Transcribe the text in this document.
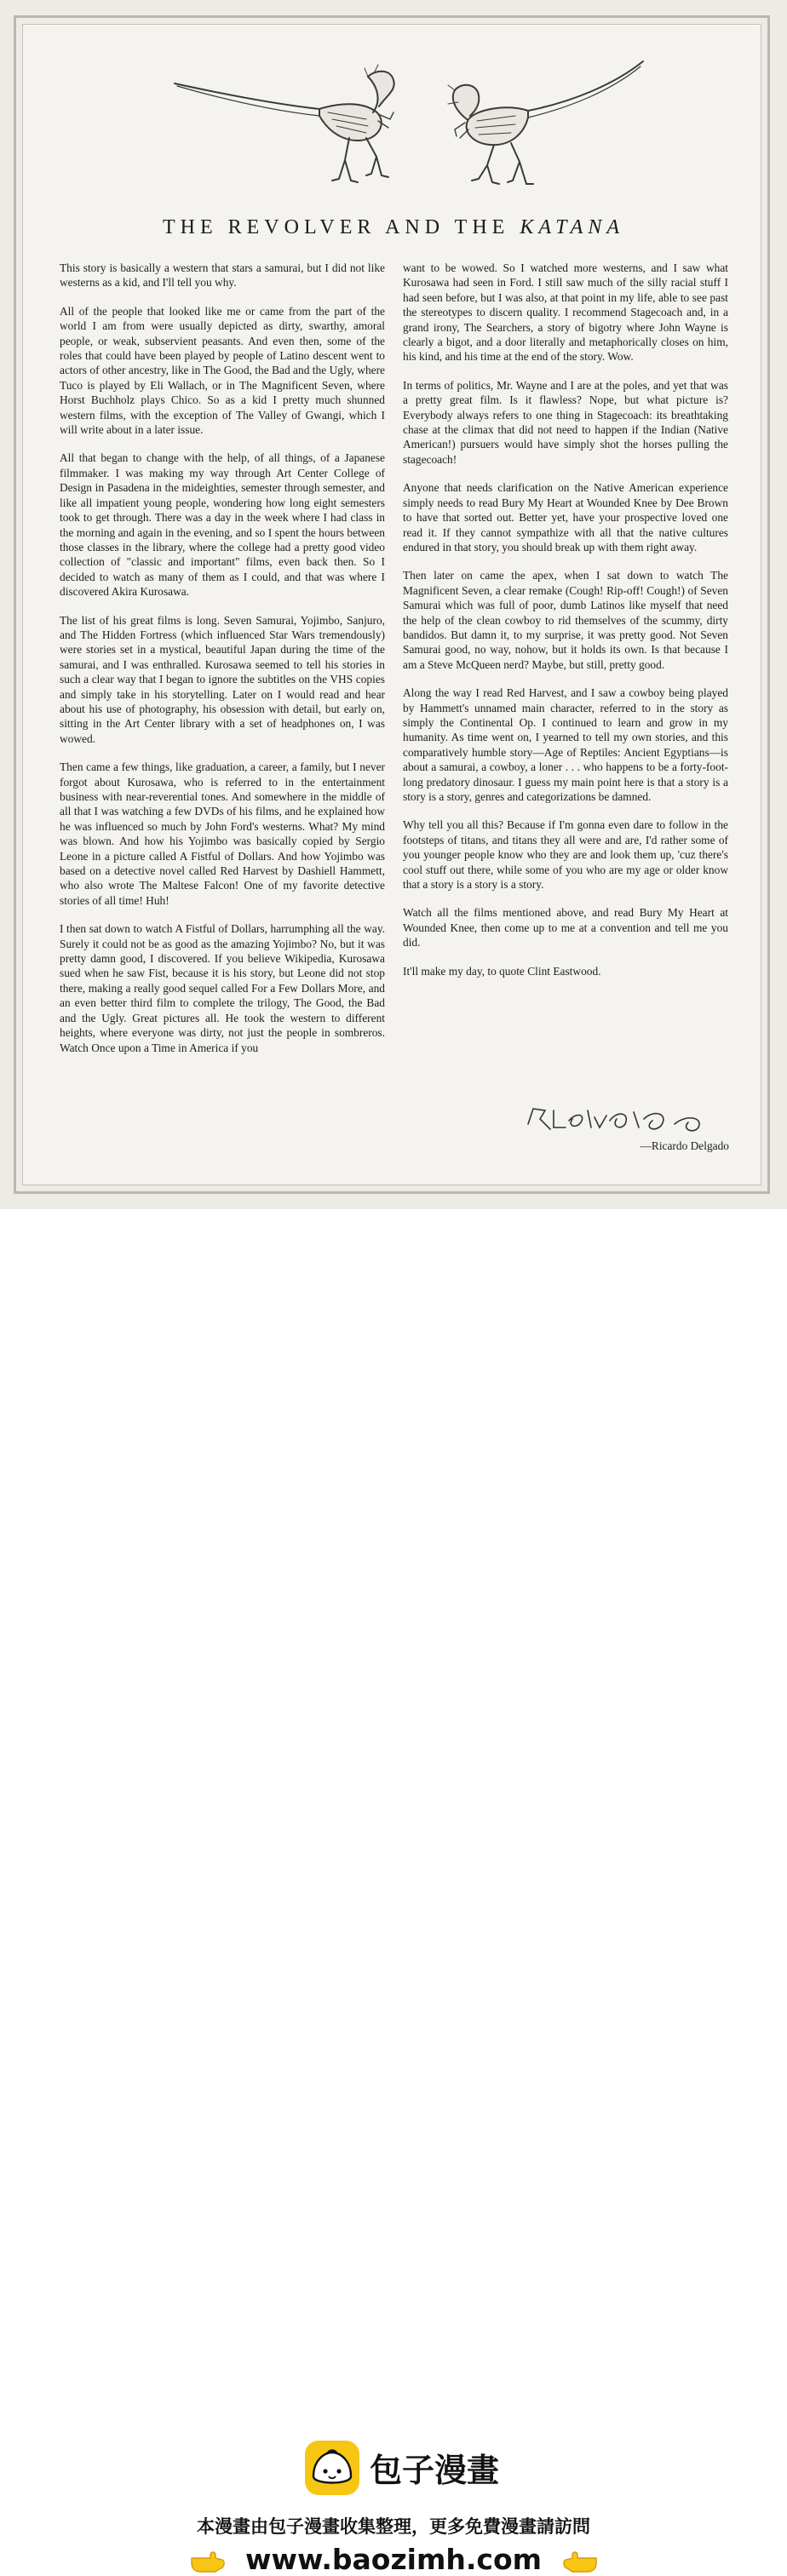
THE REVOLVER AND THE KATANA

This story is basically a western that stars a samurai, but I did not like westerns as a kid, and I'll tell you why.

All of the people that looked like me or came from the part of the world I am from were usually depicted as dirty, swarthy, amoral people, or weak, subservient peasants. And even then, some of the roles that could have been played by people of Latino descent went to actors of other ancestry, like in The Good, the Bad and the Ugly, where Tuco is played by Eli Wallach, or in The Magnificent Seven, where Horst Buchholz plays Chico. So as a kid I pretty much shunned western films, with the exception of The Valley of Gwangi, which I will write about in a later issue.

All that began to change with the help, of all things, of a Japanese filmmaker. I was making my way through Art Center College of Design in Pasadena in the mideighties, semester through semester, and like all impatient young people, wondering how long eight semesters took to get through. There was a day in the week where I had class in the morning and again in the evening, and so I spent the hours between those classes in the library, where the college had a pretty good video collection of "classic and important" films, even back then. So I decided to watch as many of them as I could, and that was where I discovered Akira Kurosawa.

The list of his great films is long. Seven Samurai, Yojimbo, Sanjuro, and The Hidden Fortress (which influenced Star Wars tremendously) were stories set in a mystical, beautiful Japan during the time of the samurai, and I was enthralled. Kurosawa seemed to tell his stories in such a clear way that I began to ignore the subtitles on the VHS copies and simply take in his storytelling. Later on I would read and hear about his use of photography, his obsession with detail, but early on, sitting in the Art Center library with a set of headphones on, I was wowed.

Then came a few things, like graduation, a career, a family, but I never forgot about Kurosawa, who is referred to in the entertainment business with near-reverential tones. And somewhere in the middle of all that I was watching a few DVDs of his films, and he explained how he was influenced so much by John Ford's westerns. What? My mind was blown. And how his Yojimbo was basically copied by Sergio Leone in a picture called A Fistful of Dollars. And how Yojimbo was based on a detective novel called Red Harvest by Dashiell Hammett, who also wrote The Maltese Falcon! One of my favorite detective stories of all time! Huh!

I then sat down to watch A Fistful of Dollars, harrumphing all the way. Surely it could not be as good as the amazing Yojimbo? No, but it was pretty damn good, I discovered. If you believe Wikipedia, Kurosawa sued when he saw Fist, because it is his story, but Leone did not stop there, making a really good sequel called For a Few Dollars More, and an even better third film to complete the trilogy, The Good, the Bad and the Ugly. Great pictures all. He took the western to different heights, where everyone was dirty, not just the people in sombreros. Watch Once upon a Time in America if you

want to be wowed. So I watched more westerns, and I saw what Kurosawa had seen in Ford. I still saw much of the silly racial stuff I had seen before, but I was also, at that point in my life, able to see past the stereotypes to discern quality. I recommend Stagecoach and, in a grand irony, The Searchers, a story of bigotry where John Wayne is clearly a bigot, and a door literally and metaphorically closes on him, his kind, and his time at the end of the story. Wow.

In terms of politics, Mr. Wayne and I are at the poles, and yet that was a pretty great film. Is it flawless? Nope, but what picture is? Everybody always refers to one thing in Stagecoach: its breathtaking chase at the climax that did not need to happen if the Indian (Native American!) pursuers would have simply shot the horses pulling the stagecoach!

Anyone that needs clarification on the Native American experience simply needs to read Bury My Heart at Wounded Knee by Dee Brown to have that sorted out. Better yet, have your prospective loved one read it. If they cannot sympathize with all that the native cultures endured in that story, you should break up with them right away.

Then later on came the apex, when I sat down to watch The Magnificent Seven, a clear remake (Cough! Rip-off! Cough!) of Seven Samurai which was full of poor, dumb Latinos like myself that need the help of the clean cowboy to rid themselves of the scummy, dirty bandidos. But damn it, to my surprise, it was pretty good. Not Seven Samurai good, no way, nohow, but it holds its own. Is that because I am a Steve McQueen nerd? Maybe, but still, pretty good.

Along the way I read Red Harvest, and I saw a cowboy being played by Hammett's unnamed main character, referred to in the story as simply the Continental Op. I continued to learn and grow in my humanity. As time went on, I yearned to tell my own stories, and this comparatively humble story—Age of Reptiles: Ancient Egyptians—is about a samurai, a cowboy, a loner . . . who happens to be a forty-foot-long predatory dinosaur. I guess my main point here is that a story is a story is a story, genres and categorizations be damned.

Why tell you all this? Because if I'm gonna even dare to follow in the footsteps of titans, and titans they all were and are, I'd rather some of you younger people know who they are and look them up, 'cuz there's cool stuff out there, while some of you who are my age or older know that a story is a story is a story.

Watch all the films mentioned above, and read Bury My Heart at Wounded Knee, then come up to me at a convention and tell me you did.

It'll make my day, to quote Clint Eastwood.

—Ricardo Delgado
包子漫畫
本漫畫由包子漫畫收集整理，更多免費漫畫請訪問
www.baozimh.com
